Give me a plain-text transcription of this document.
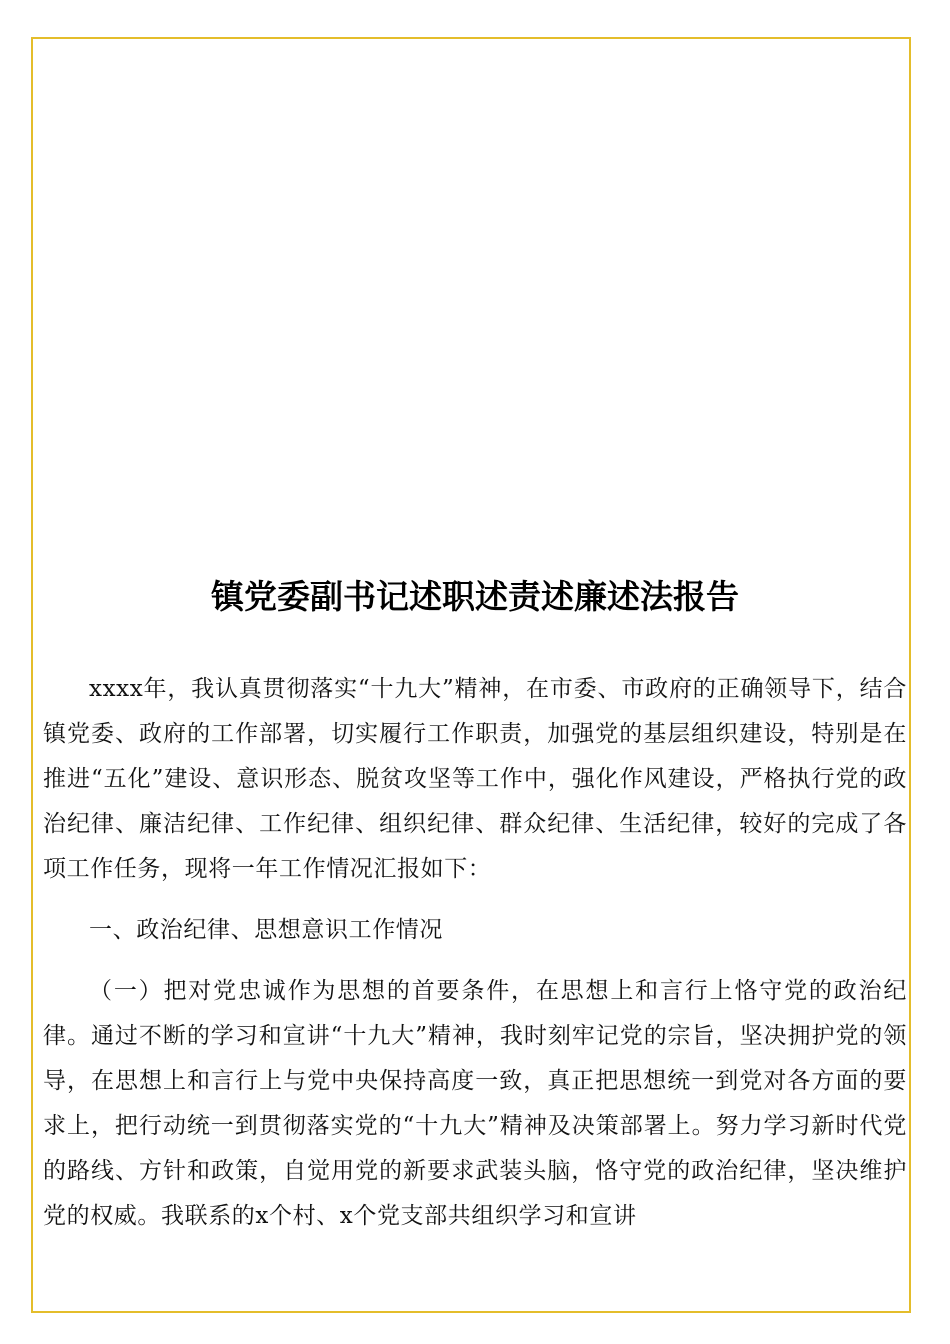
镇党委副书记述职述责述廉述法报告

xxxx年，我认真贯彻落实“十九大”精神，在市委、市政府的正确领导下，结合镇党委、政府的工作部署，切实履行工作职责，加强党的基层组织建设，特别是在推进“五化”建设、意识形态、脱贫攻坚等工作中，强化作风建设，严格执行党的政治纪律、廉洁纪律、工作纪律、组织纪律、群众纪律、生活纪律，较好的完成了各项工作任务，现将一年工作情况汇报如下：

一、政治纪律、思想意识工作情况

（一）把对党忠诚作为思想的首要条件，在思想上和言行上恪守党的政治纪律。通过不断的学习和宣讲“十九大”精神，我时刻牢记党的宗旨，坚决拥护党的领导，在思想上和言行上与党中央保持高度一致，真正把思想统一到党对各方面的要求上，把行动统一到贯彻落实党的“十九大”精神及决策部署上。努力学习新时代党的路线、方针和政策，自觉用党的新要求武装头脑，恪守党的政治纪律，坚决维护党的权威。我联系的x个村、x个党支部共组织学习和宣讲
